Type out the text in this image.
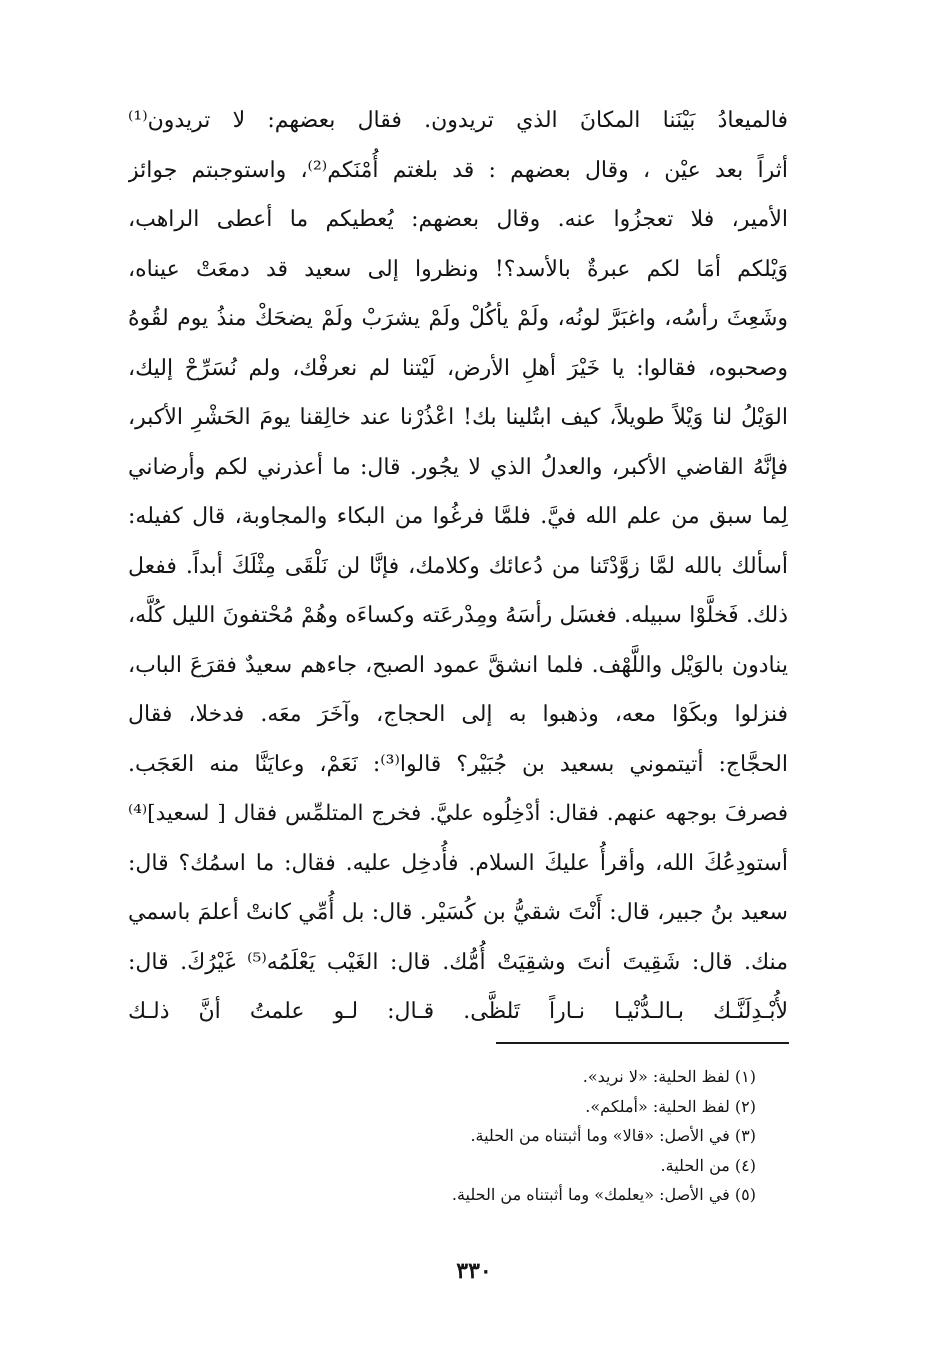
فالميعادُ بَيْنَنا المكانَ الذي تريدون. فقال بعضهم: لا تريدون⁽¹⁾
أثراً بعد عيْن ، وقال بعضهم : قد بلغتم أُمْنَكم⁽²⁾، واستوجبتم جوائز
الأمير، فلا تعجزُوا عنه. وقال بعضهم: يُعطيكم ما أعطى الراهب،
وَيْلكم أمَا لكم عبرةٌ بالأسد؟! ونظروا إلى سعيد قد دمعَتْ عيناه،
وشَعِثَ رأسُه، واغبَرَّ لونُه، ولَمْ يأكُلْ ولَمْ يشرَبْ ولَمْ يضحَكْ منذُ يوم لقُوهُ
وصحبوه، فقالوا: يا خَيْرَ أهلِ الأرض، لَيْتنا لم نعرفْك، ولم نُسَرِّحْ إليك،
الوَيْلُ لنا وَيْلاً طويلاً، كيف ابتُلينا بك! اعْذُرْنا عند خالِقنا يومَ الحَشْرِ الأكبر،
فإنَّهُ القاضي الأكبر، والعدلُ الذي لا يجُور. قال: ما أعذرني لكم وأرضاني
لِما سبق من علم الله فيَّ. فلمَّا فرغُوا من البكاء والمجاوبة، قال كفيله:
أسألك بالله لمَّا زوَّدْتَنا من دُعائك وكلامك، فإنَّا لن نَلْقَى مِثْلَكَ أبداً. ففعل
ذلك. فَخلَّوْا سبيله. فغسَل رأسَهُ ومِدْرعَته وكساءَه وهُمْ مُحْتفونَ الليل كُلَّه،
ينادون بالوَيْل واللَّهْف. فلما انشقَّ عمود الصبح، جاءهم سعيدٌ فقرَعَ الباب،
فنزلوا وبكَوْا معه، وذهبوا به إلى الحجاج، وآخَرَ معَه. فدخلا، فقال
الحجَّاج: أتيتموني بسعيد بن جُبَيْر؟ قالوا⁽³⁾: نَعَمْ، وعايَنَّا منه العَجَب.
فصرفَ بوجهه عنهم. فقال: أدْخِلُوه عليَّ. فخرج المتلمِّس فقال [ لسعيد]⁽⁴⁾
أستودِعُكَ الله، وأقرأُ عليكَ السلام. فأُدخِل عليه. فقال: ما اسمُك؟ قال:
سعيد بنُ جبير، قال: أَنْتَ شقيُّ بن كُسَيْر. قال: بل أُمِّي كانتْ أعلمَ باسمي
منك. قال: شَقِيتَ أنتَ وشقِيَتْ أُمُّك. قال: الغَيْب يَعْلَمُه⁽⁵⁾ غَيْرُكَ. قال:
لأُبْـدِلَنَّـك بـالـدُّنْيـا نـاراً تَلظَّى. قـال: لـو علمتُ أنَّ ذلـك
(١) لفظ الحلية: «لا نريد».
(٢) لفظ الحلية: «أملكم».
(٣) في الأصل: «قالا» وما أثبتناه من الحلية.
(٤) من الحلية.
(٥) في الأصل: «يعلمك» وما أثبتناه من الحلية.
٣٣٠
